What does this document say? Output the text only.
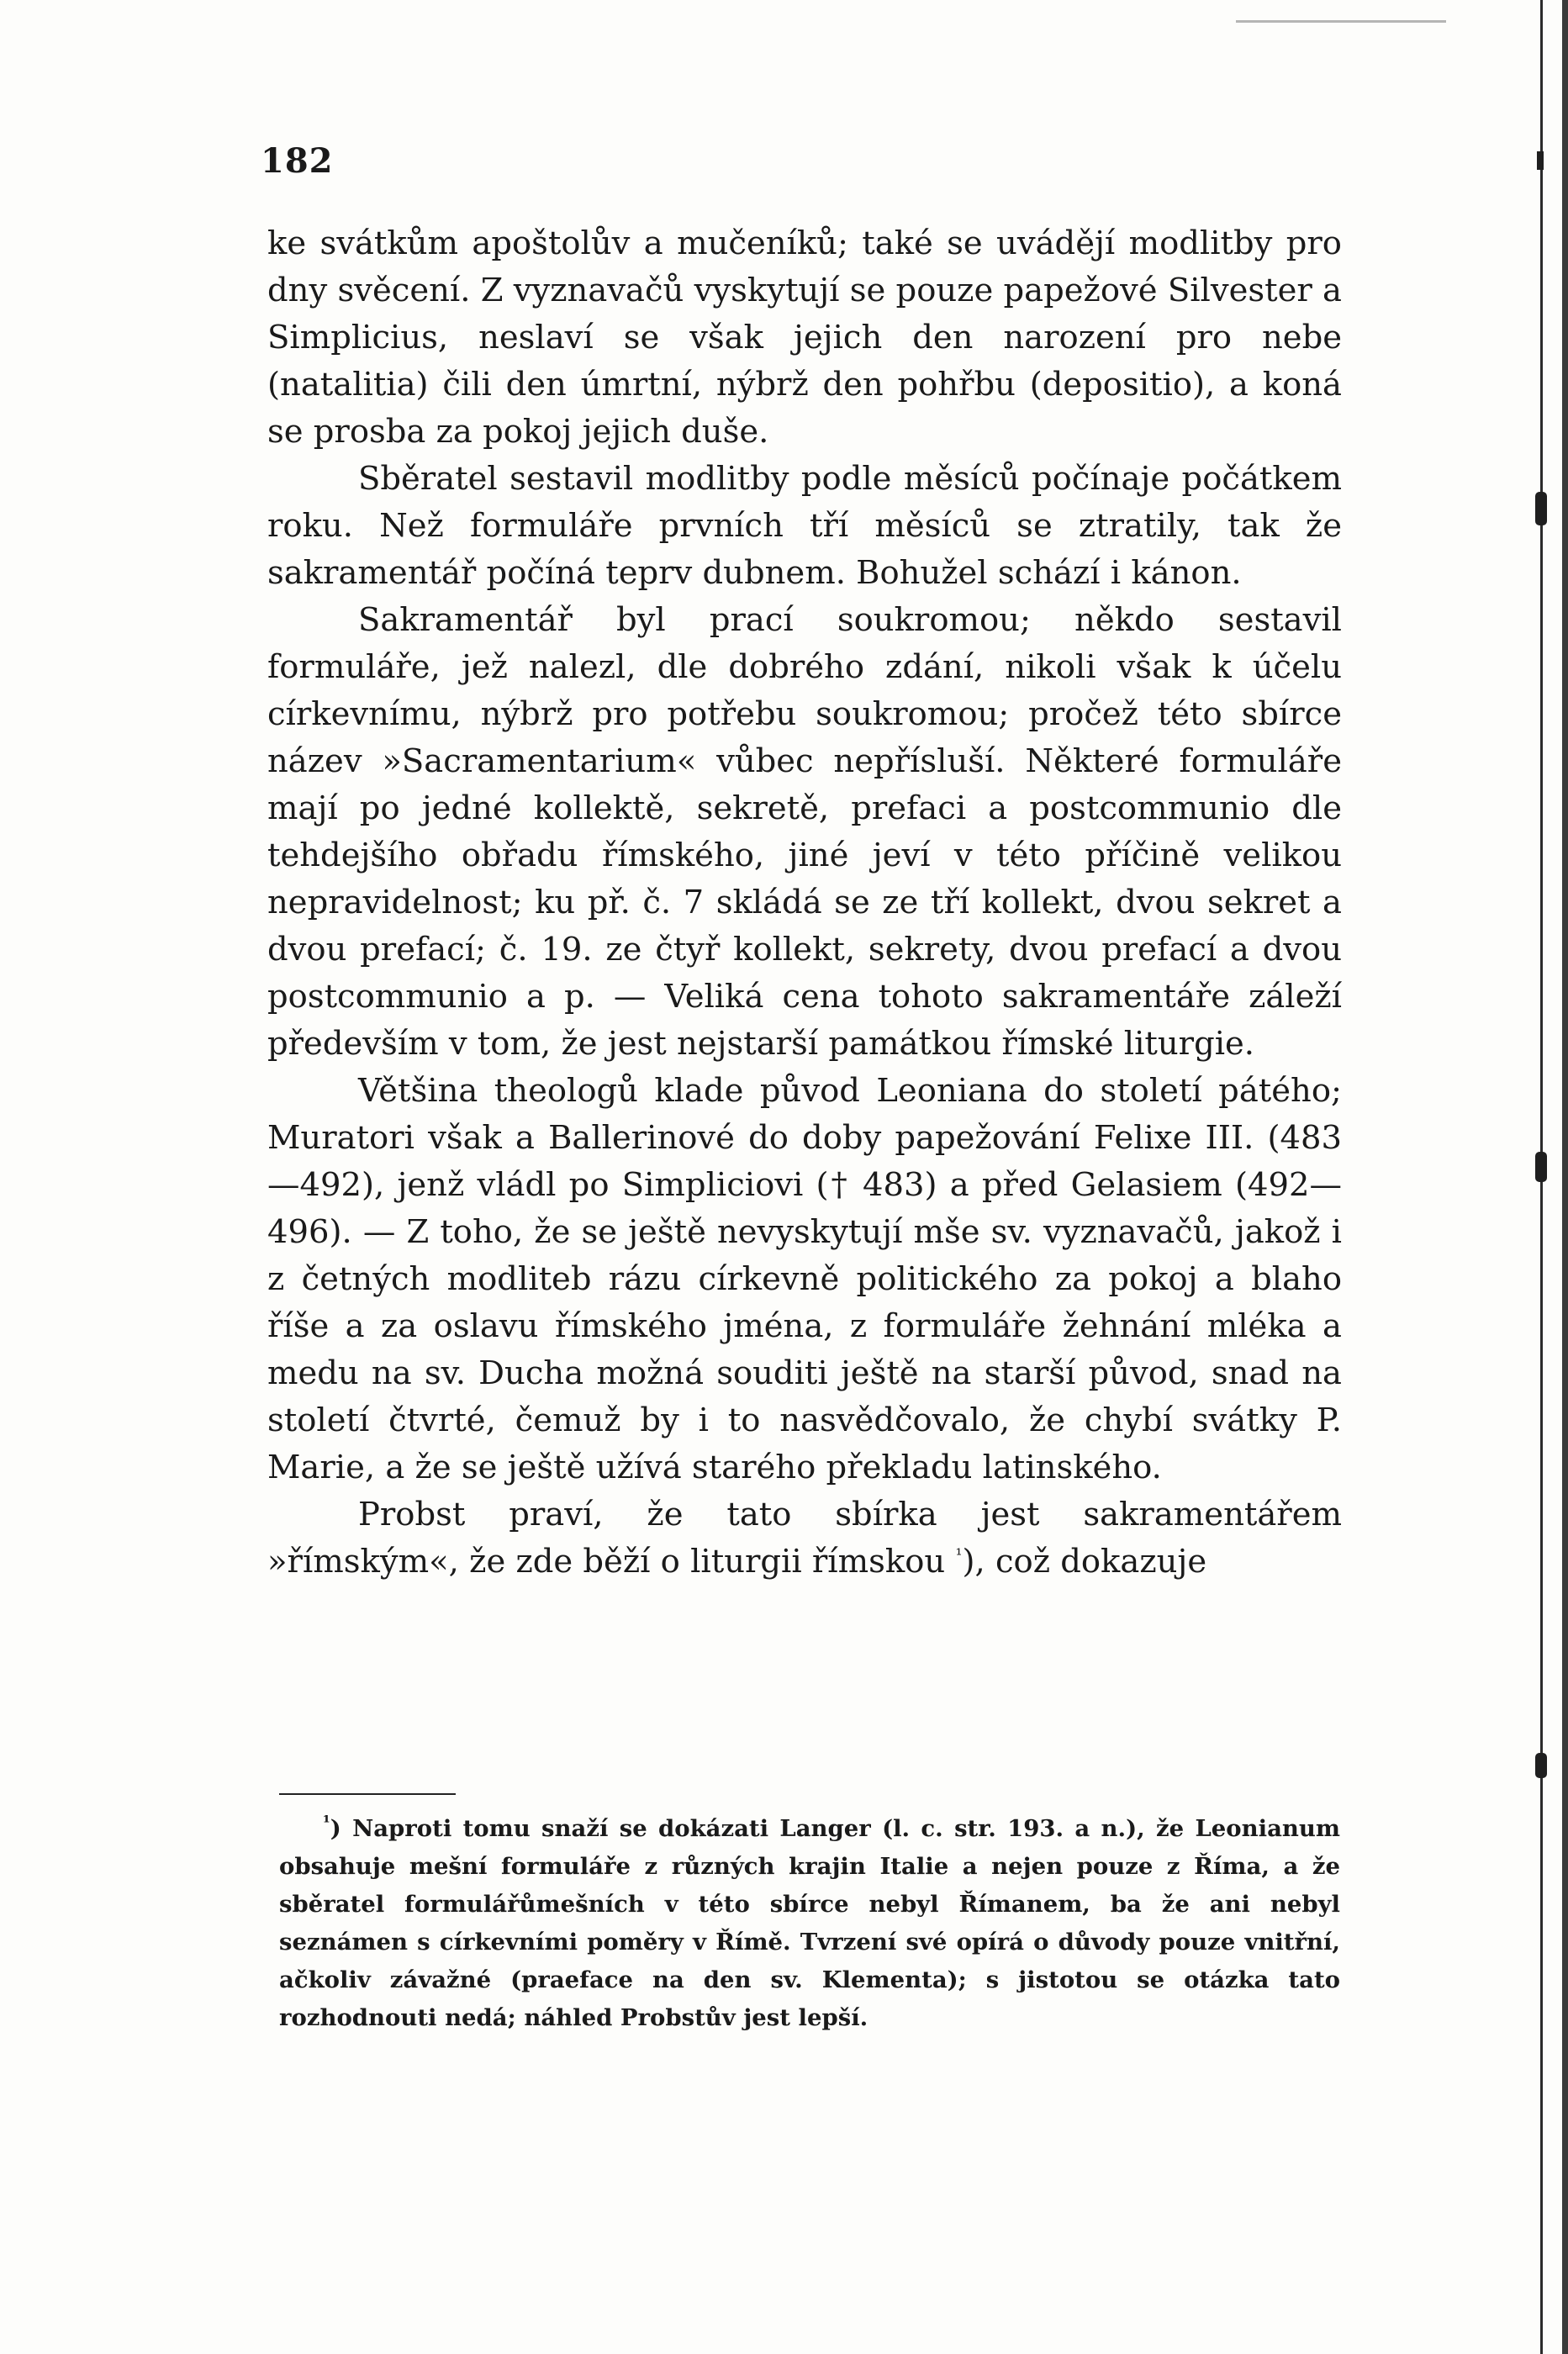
182

ke svátkům apoštolův a mučeníků; také se uvádějí modlitby pro dny svěcení. Z vyznavačů vyskytují se pouze papežové Silvester a Simplicius, neslaví se však jejich den narození pro nebe (natalitia) čili den úmrtní, nýbrž den pohřbu (depositio), a koná se prosba za pokoj jejich duše.

Sběratel sestavil modlitby podle měsíců počínaje počátkem roku. Než formuláře prvních tří měsíců se ztratily, tak že sakramentář počíná teprv dubnem. Bohužel schází i kánon.

Sakramentář byl prací soukromou; někdo sestavil formuláře, jež nalezl, dle dobrého zdání, nikoli však k účelu církevnímu, nýbrž pro potřebu soukromou; pročež této sbírce název »Sacramentarium« vůbec nepřísluší. Některé formuláře mají po jedné kollektě, sekretě, prefaci a postcommunio dle tehdejšího obřadu římského, jiné jeví v této příčině velikou nepravidelnost; ku př. č. 7 skládá se ze tří kollekt, dvou sekret a dvou prefací; č. 19. ze čtyř kollekt, sekrety, dvou prefací a dvou postcommunio a p. — Veliká cena tohoto sakramentáře záleží především v tom, že jest nejstarší památkou římské liturgie.

Většina theologů klade původ Leoniana do století pátého; Muratori však a Ballerinové do doby papežování Felixe III. (483—492), jenž vládl po Simpliciovi († 483) a před Gelasiem (492—496). — Z toho, že se ještě nevyskytují mše sv. vyznavačů, jakož i z četných modliteb rázu církevně politického za pokoj a blaho říše a za oslavu římského jména, z formuláře žehnání mléka a medu na sv. Ducha možná souditi ještě na starší původ, snad na století čtvrté, čemuž by i to nasvědčovalo, že chybí svátky P. Marie, a že se ještě užívá starého překladu latinského.

Probst praví, že tato sbírka jest sakramentářem »římským«, že zde běží o liturgii římskou $^{^1}$), což dokazuje

$^{^1}$) Naproti tomu snaží se dokázati Langer (l. c. str. 193. a n.), že Leonianum obsahuje mešní formuláře z různých krajin Italie a nejen pouze z Říma, a že sběratel formulářůmešních v této sbírce nebyl Římanem, ba že ani nebyl seznámen s církevními poměry v Římě. Tvrzení své opírá o důvody pouze vnitřní, ačkoliv závažné (praeface na den sv. Klementa); s jistotou se otázka tato rozhodnouti nedá; náhled Probstův jest lepší.
